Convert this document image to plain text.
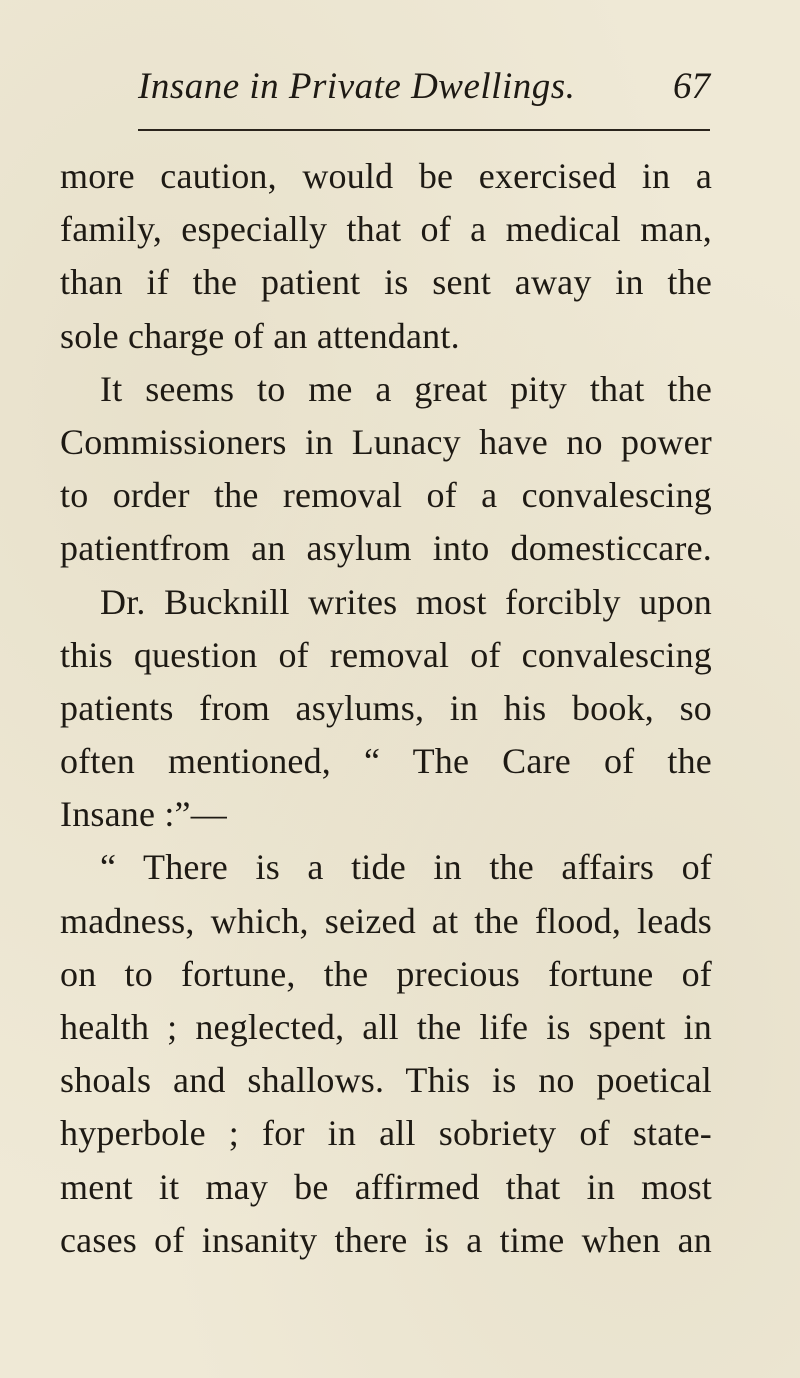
Insane in Private Dwellings.	67
more caution, would be exercised in a
family, especially that of a medical man,
than if the patient is sent away in the
sole charge of an attendant.
It seems to me a great pity that the
Commissioners in Lunacy have no power
to order the removal of a convalescing
patientfrom an asylum into domesticcare.
Dr. Bucknill writes most forcibly upon
this question of removal of convalescing
patients from asylums, in his book, so
often mentioned, “ The Care of the
Insane :”—
“ There is a tide in the affairs of
madness, which, seized at the flood, leads
on to fortune, the precious fortune of
health ; neglected, all the life is spent in
shoals and shallows. This is no poetical
hyperbole ; for in all sobriety of state-
ment it may be affirmed that in most
cases of insanity there is a time when an
